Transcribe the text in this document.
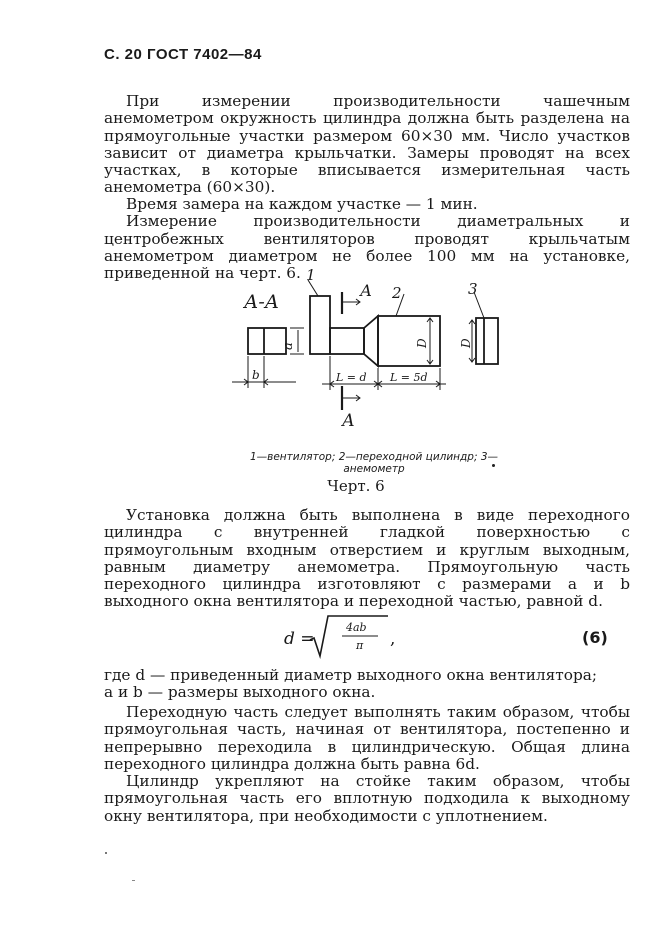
С. 20 ГОСТ 7402—84
При измерении производительности чашечным анемометром окружность цилиндра должна быть разделена на прямоугольные участки размером 60×30 мм. Число участков зависит от диаметра крыльчатки. Замеры проводят на всех участках, в которые вписывается измерительная часть анемометра (60×30).
Время замера на каждом участке — 1 мин.
Измерение производительности диаметральных и центробежных вентиляторов проводят крыльчатым анемометром диаметром не более 100 мм на установке, приведенной на черт. 6.
А-А
А
А
1
2	3
а
b
D	D
L = d L = 5d
1—вентилятор; 2—переходной цилиндр; 3— анемометр
Черт. 6
Установка должна быть выполнена в виде переходного цилиндра с внутренней гладкой поверхностью с прямоугольным входным отверстием и круглым выходным, равным диаметру анемометра. Прямоугольную часть переходного цилиндра изготовляют с размерами a и b выходного окна вентилятора и переходной частью, равной d.
d =
4ab
π ,	(6)
где d — приведенный диаметр выходного окна вентилятора;
a и b — размеры выходного окна.
Переходную часть следует выполнять таким образом, чтобы прямоугольная часть, начиная от вентилятора, постепенно и непрерывно переходила в цилиндрическую. Общая длина переходного цилиндра должна быть равна 6d.
Цилиндр укрепляют на стойке таким образом, чтобы прямоугольная часть его вплотную подходила к выходному окну вентилятора, при необходимости с уплотнением.
